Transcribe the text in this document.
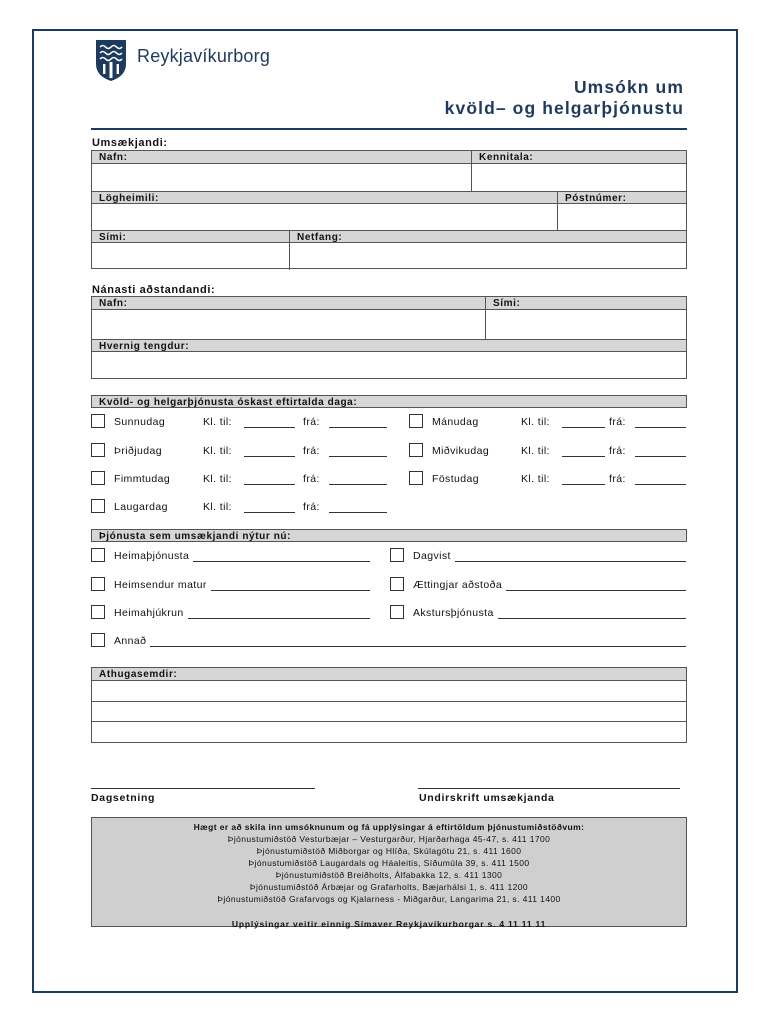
Reykjavíkurborg
Umsókn um
kvöld– og helgarþjónustu
Umsækjandi:
Nafn:	Kennitala:
Lögheimili:	Póstnúmer:
Sími:	Netfang:
Nánasti aðstandandi:
Nafn:	Sími:
Hvernig tengdur:
Kvöld- og helgarþjónusta óskast eftirtalda daga:
Sunnudag	Kl. til:	frá:	Mánudag	Kl. til:	frá:
Þriðjudag	Kl. til:	frá:	Miðvikudag	Kl. til:	frá:
Fimmtudag	Kl. til:	frá:	Föstudag	Kl. til:	frá:
Laugardag	Kl. til:	frá:
Þjónusta sem umsækjandi nýtur nú:
Heimaþjónusta	Dagvist
Heimsendur matur	Ættingjar aðstoða
Heimahjúkrun	Akstursþjónusta
Annað
Athugasemdir:
Dagsetning	Undirskrift umsækjanda
Hægt er að skila inn umsóknunum og fá upplýsingar á eftirtöldum þjónustumiðstöðvum:
Þjónustumiðstöð Vesturbæjar – Vesturgarður, Hjarðarhaga 45-47, s. 411 1700
Þjónustumiðstöð Miðborgar og Hlíða, Skúlagötu 21, s. 411 1600
Þjónustumiðstöð Laugardals og Háaleitis, Síðumúla 39, s. 411 1500
Þjónustumiðstöð Breiðholts, Álfabakka 12, s. 411 1300
Þjónustumiðstöð Árbæjar og Grafarholts, Bæjarhálsi 1, s. 411 1200
Þjónustumiðstöð Grafarvogs og Kjalarness - Miðgarður, Langarima 21, s. 411 1400
Upplýsingar veitir einnig Símaver Reykjavíkurborgar s. 4 11 11 11
